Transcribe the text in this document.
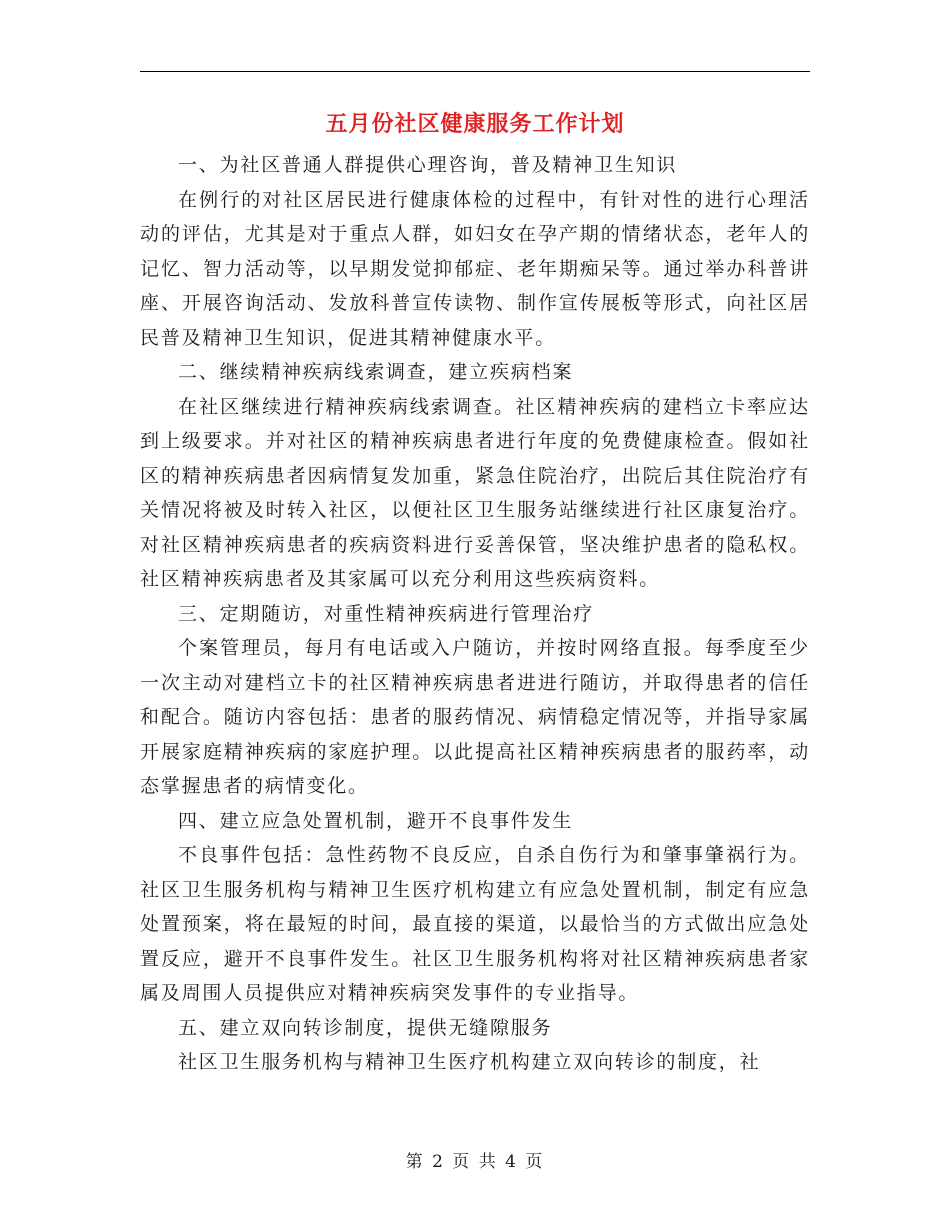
五月份社区健康服务工作计划

一、为社区普通人群提供心理咨询，普及精神卫生知识

在例行的对社区居民进行健康体检的过程中，有针对性的进行心理活动的评估，尤其是对于重点人群，如妇女在孕产期的情绪状态，老年人的记忆、智力活动等，以早期发觉抑郁症、老年期痴呆等。通过举办科普讲座、开展咨询活动、发放科普宣传读物、制作宣传展板等形式，向社区居民普及精神卫生知识，促进其精神健康水平。

二、继续精神疾病线索调查，建立疾病档案

在社区继续进行精神疾病线索调查。社区精神疾病的建档立卡率应达到上级要求。并对社区的精神疾病患者进行年度的免费健康检查。假如社区的精神疾病患者因病情复发加重，紧急住院治疗，出院后其住院治疗有关情况将被及时转入社区，以便社区卫生服务站继续进行社区康复治疗。对社区精神疾病患者的疾病资料进行妥善保管，坚决维护患者的隐私权。社区精神疾病患者及其家属可以充分利用这些疾病资料。

三、定期随访，对重性精神疾病进行管理治疗

个案管理员，每月有电话或入户随访，并按时网络直报。每季度至少一次主动对建档立卡的社区精神疾病患者进进行随访，并取得患者的信任和配合。随访内容包括：患者的服药情况、病情稳定情况等，并指导家属开展家庭精神疾病的家庭护理。以此提高社区精神疾病患者的服药率，动态掌握患者的病情变化。

四、建立应急处置机制，避开不良事件发生

不良事件包括：急性药物不良反应，自杀自伤行为和肇事肇祸行为。社区卫生服务机构与精神卫生医疗机构建立有应急处置机制，制定有应急处置预案，将在最短的时间，最直接的渠道，以最恰当的方式做出应急处置反应，避开不良事件发生。社区卫生服务机构将对社区精神疾病患者家属及周围人员提供应对精神疾病突发事件的专业指导。

五、建立双向转诊制度，提供无缝隙服务

社区卫生服务机构与精神卫生医疗机构建立双向转诊的制度，社

第 2 页 共 4 页
